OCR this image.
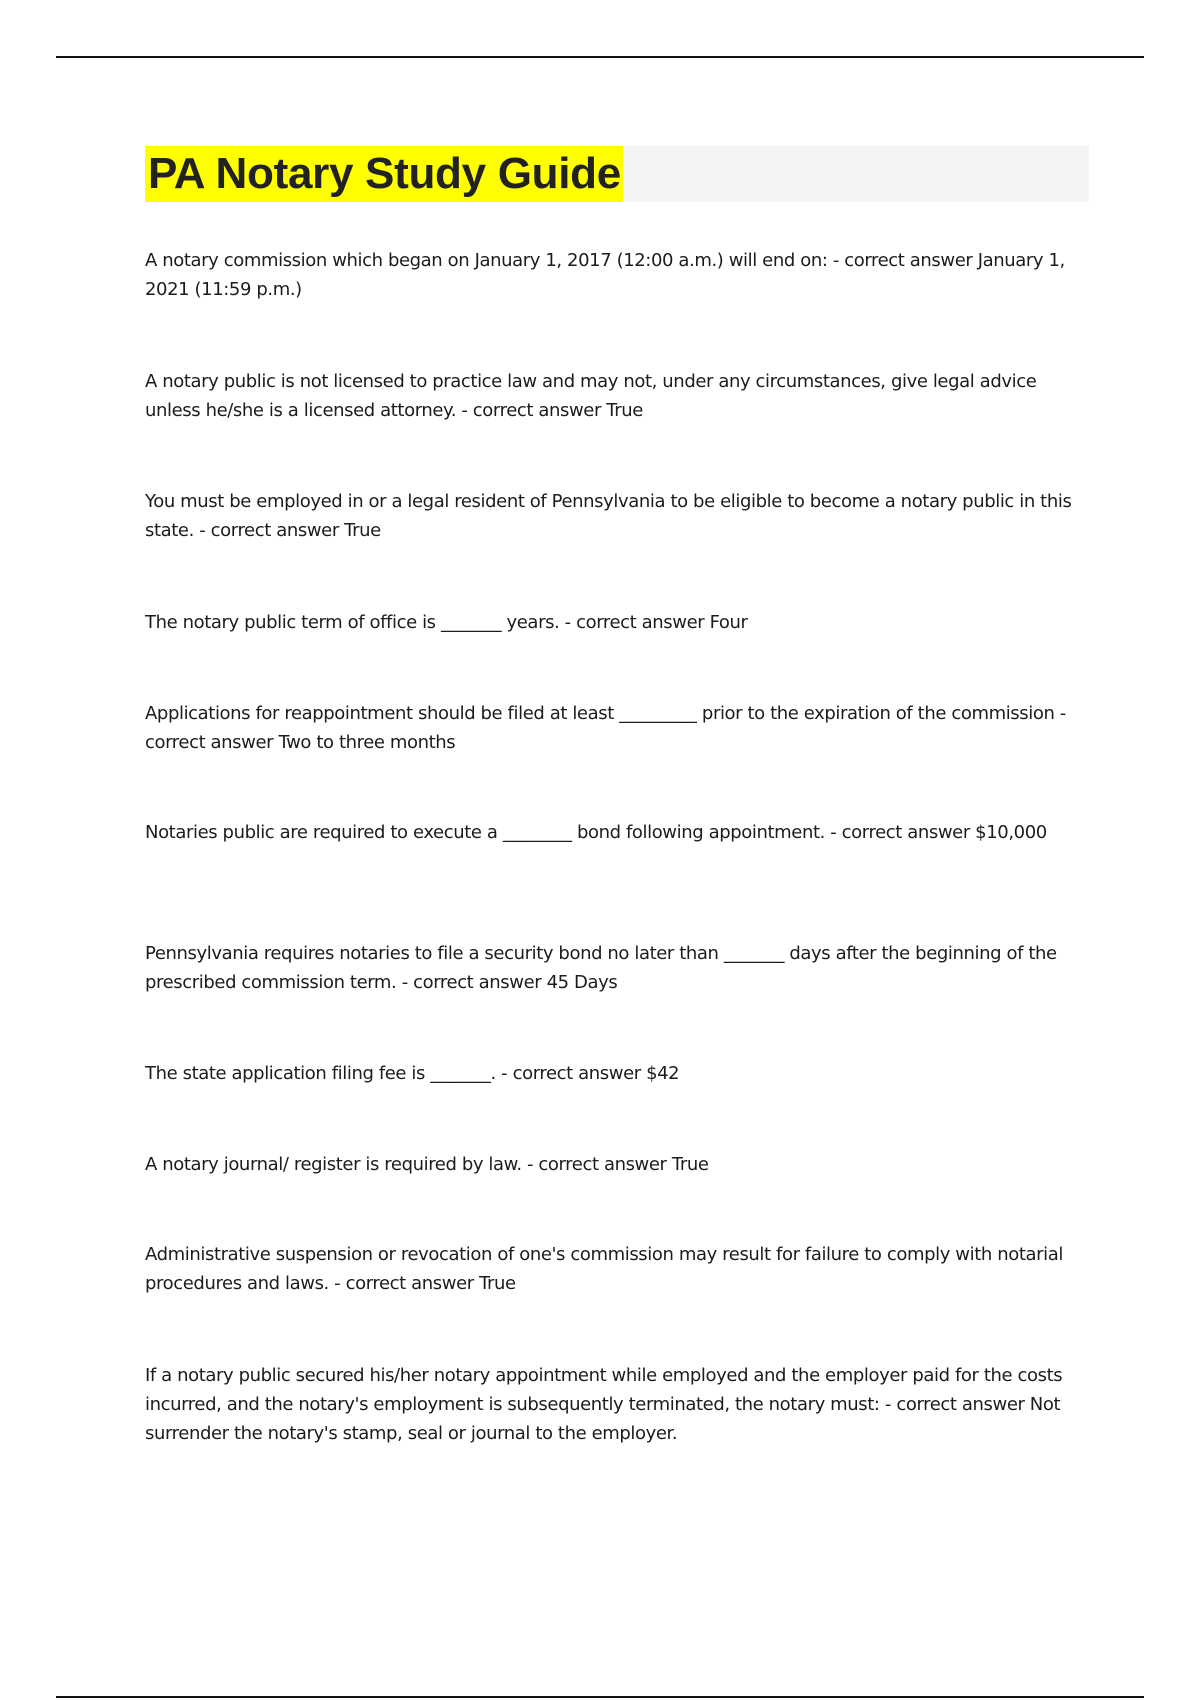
PA Notary Study Guide

A notary commission which began on January 1, 2017 (12:00 a.m.) will end on: - correct answer January 1, 2021 (11:59 p.m.)

A notary public is not licensed to practice law and may not, under any circumstances, give legal advice unless he/she is a licensed attorney. - correct answer True

You must be employed in or a legal resident of Pennsylvania to be eligible to become a notary public in this state. - correct answer True

The notary public term of office is _______ years. - correct answer Four

Applications for reappointment should be filed at least _________ prior to the expiration of the commission - correct answer Two to three months

Notaries public are required to execute a ________ bond following appointment. - correct answer $10,000

Pennsylvania requires notaries to file a security bond no later than _______ days after the beginning of the prescribed commission term. - correct answer 45 Days

The state application filing fee is _______. - correct answer $42

A notary journal/ register is required by law. - correct answer True

Administrative suspension or revocation of one's commission may result for failure to comply with notarial procedures and laws. - correct answer True

If a notary public secured his/her notary appointment while employed and the employer paid for the costs incurred, and the notary's employment is subsequently terminated, the notary must: - correct answer Not surrender the notary's stamp, seal or journal to the employer.
